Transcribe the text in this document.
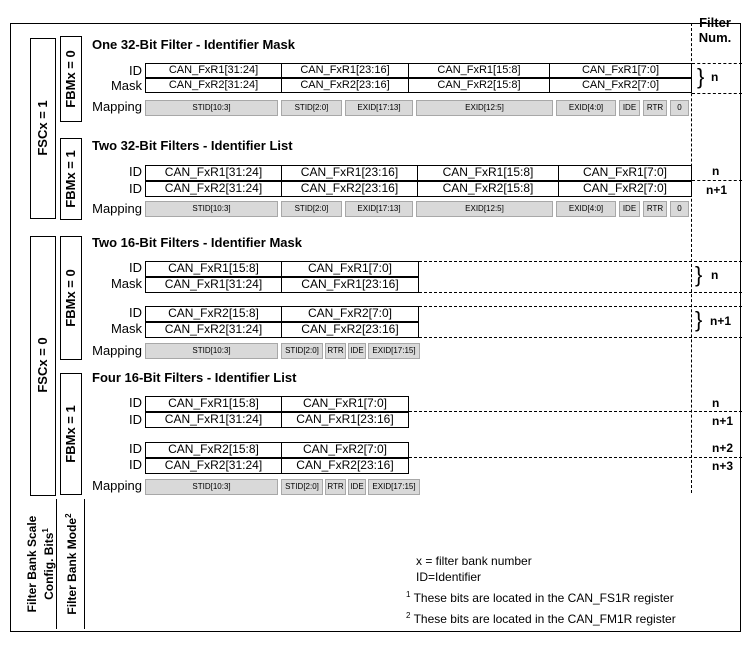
Filter
Num.
FSCx = 1
FSCx = 0
FBMx = 0
FBMx = 1
FBMx = 0
FBMx = 1
Filter Bank Scale Config. Bits$^1$	Filter Bank Mode$^2$
One 32-Bit Filter - Identifier Mask
ID
Mask
Mapping
CAN_FxR1[31:24]	CAN_FxR1[23:16]	CAN_FxR1[15:8]	CAN_FxR1[7:0]
CAN_FxR2[31:24]	CAN_FxR2[23:16]	CAN_FxR2[15:8]	CAN_FxR2[7:0]
STID[10:3]	STID[2:0]	EXID[17:13]	EXID[12:5]	EXID[4:0]	IDE	RTR	0
} n
Two 32-Bit Filters - Identifier List
ID
ID
Mapping
CAN_FxR1[31:24]	CAN_FxR1[23:16]	CAN_FxR1[15:8]	CAN_FxR1[7:0]
CAN_FxR2[31:24]	CAN_FxR2[23:16]	CAN_FxR2[15:8]	CAN_FxR2[7:0]
STID[10:3]	STID[2:0]	EXID[17:13]	EXID[12:5]	EXID[4:0]	IDE	RTR	0
n
n+1
Two 16-Bit Filters - Identifier Mask
ID
Mask
ID
Mask
Mapping
CAN_FxR1[15:8]	CAN_FxR1[7:0]
CAN_FxR1[31:24]	CAN_FxR1[23:16]
CAN_FxR2[15:8]	CAN_FxR2[7:0]
CAN_FxR2[31:24]	CAN_FxR2[23:16]
STID[10:3]	STID[2:0]	RTR IDE	EXID[17:15]
} n
} n+1
Four 16-Bit Filters - Identifier List
ID
ID
ID
ID
Mapping
CAN_FxR1[15:8]	CAN_FxR1[7:0]
CAN_FxR1[31:24]	CAN_FxR1[23:16]
CAN_FxR2[15:8]	CAN_FxR2[7:0]
CAN_FxR2[31:24]	CAN_FxR2[23:16]
STID[10:3]	STID[2:0]	RTR IDE	EXID[17:15]
n
n+1
n+2
n+3
x = filter bank number
ID=Identifier
$^1$ These bits are located in the CAN_FS1R register
$^2$ These bits are located in the CAN_FM1R register
